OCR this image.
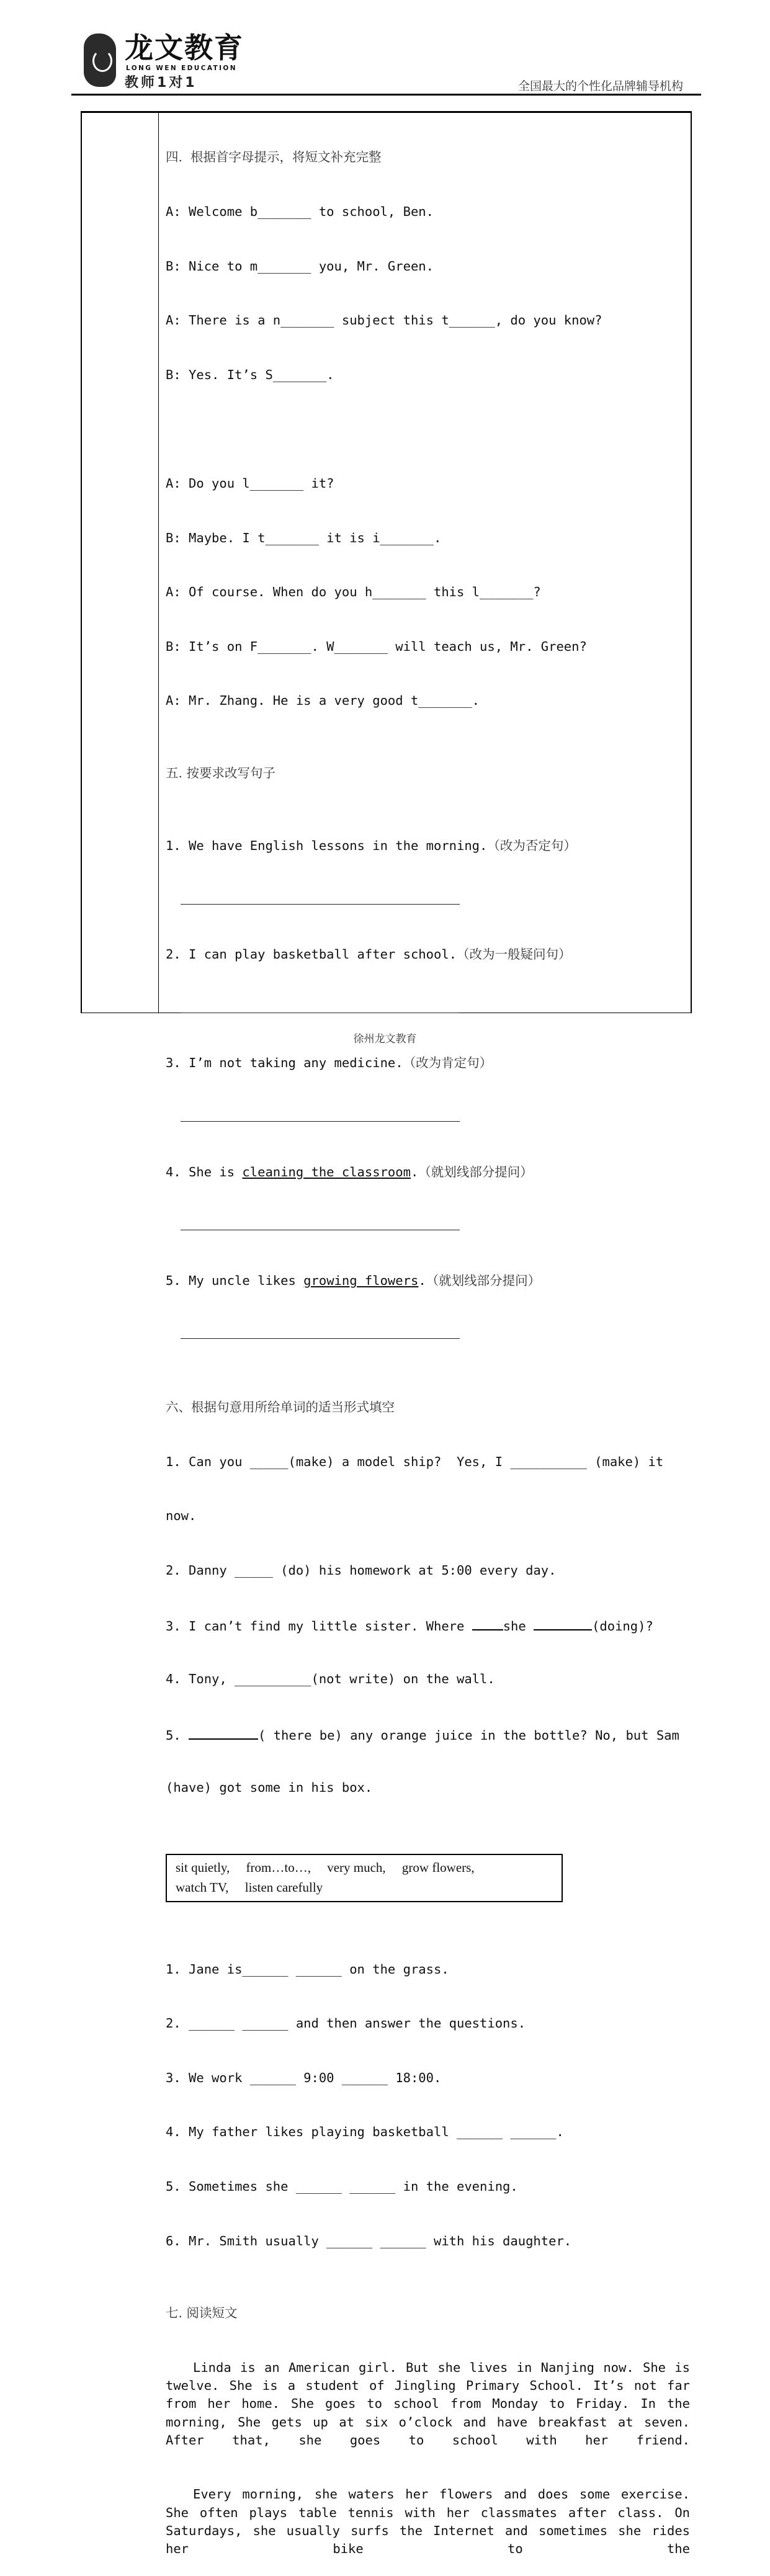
龙文教育
LONG WEN EDUCATION
教师1对1	全国最大的个性化品牌辅导机构

四.  根据首字母提示，将短文补充完整

A: Welcome b_______ to school, Ben.

B: Nice to m_______ you, Mr. Green.

A: There is a n_______ subject this t______, do you know?

B: Yes. It’s S_______.

A: Do you l_______ it?

B: Maybe. I t_______ it is i_______.

A: Of course. When do you h_______ this l_______?

B: It’s on F_______. W_______ will teach us, Mr. Green?

A: Mr. Zhang. He is a very good t_______.

五. 按要求改写句子

1. We have English lessons in the morning.（改为否定句）

2. I can play basketball after school.（改为一般疑问句）

3. I’m not taking any medicine.（改为肯定句）

4. She is cleaning the classroom.（就划线部分提问）

5. My uncle likes growing flowers.（就划线部分提问）

六、根据句意用所给单词的适当形式填空

1. Can you _____(make) a model ship?  Yes, I __________ (make) it

now.

2. Danny _____ (do) his homework at 5:00 every day.

3. I can’t find my little sister. Where she	(doing)?

4. Tony, __________(not write) on the wall.

5.	( there be) any orange juice in the bottle? No, but Sam

(have) got some in his box.

sit quietly,     from…to…,     very much,     grow flowers,
watch TV,     listen carefully

1. Jane is______ ______ on the grass.

2. ______ ______ and then answer the questions.

3. We work ______ 9:00 ______ 18:00.

4. My father likes playing basketball ______ ______.

5. Sometimes she ______ ______ in the evening.

6. Mr. Smith usually ______ ______ with his daughter.

七. 阅读短文

Linda is an American girl. But she lives in Nanjing now. She is twelve. She is a student of Jingling Primary School. It’s not far from her home. She goes to school from Monday to Friday. In the morning, She gets up at six o’clock and have breakfast at seven. After that, she goes to school with her friend.

Every morning, she waters her flowers and does some exercise. She often plays table tennis with her classmates after class. On Saturdays, she usually surfs the Internet and sometimes she rides her bike to the

徐州龙文教育
